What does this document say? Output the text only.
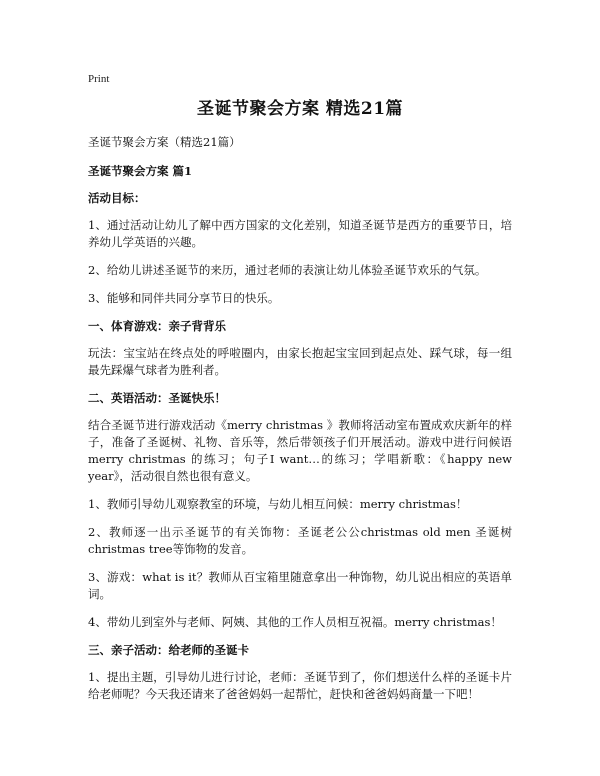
Print
圣诞节聚会方案 精选21篇

圣诞节聚会方案（精选21篇）

圣诞节聚会方案 篇1

活动目标：

1、通过活动让幼儿了解中西方国家的文化差别，知道圣诞节是西方的重要节日，培养幼儿学英语的兴趣。

2、给幼儿讲述圣诞节的来历，通过老师的表演让幼儿体验圣诞节欢乐的气氛。

3、能够和同伴共同分享节日的快乐。

一、体育游戏：亲子背背乐

玩法：宝宝站在终点处的呼啦圈内，由家长抱起宝宝回到起点处、踩气球，每一组最先踩爆气球者为胜利者。

二、英语活动：圣诞快乐！

结合圣诞节进行游戏活动《merry christmas 》教师将活动室布置成欢庆新年的样子，准备了圣诞树、礼物、音乐等，然后带领孩子们开展活动。游戏中进行问候语merry christmas 的练习；句子I want…的练习；学唱新歌：《happy new year》，活动很自然也很有意义。

1、教师引导幼儿观察教室的环境，与幼儿相互问候：merry christmas！

2、教师逐一出示圣诞节的有关饰物：圣诞老公公christmas old men 圣诞树christmas tree等饰物的发音。

3、游戏：what is it？教师从百宝箱里随意拿出一种饰物，幼儿说出相应的英语单词。

4、带幼儿到室外与老师、阿姨、其他的工作人员相互祝福。merry christmas！

三、亲子活动：给老师的圣诞卡

1、提出主题，引导幼儿进行讨论，老师：圣诞节到了，你们想送什么样的圣诞卡片给老师呢？今天我还请来了爸爸妈妈一起帮忙，赶快和爸爸妈妈商量一下吧！
